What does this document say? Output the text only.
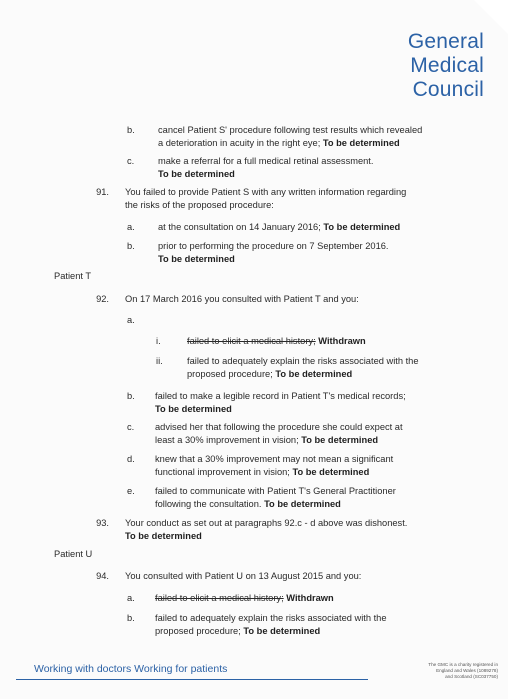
General
Medical
Council
b. cancel Patient S' procedure following test results which revealed
a deterioration in acuity in the right eye; To be determined
c.	make a referral for a full medical retinal assessment.
To be determined
91. You failed to provide Patient S with any written information regarding
the risks of the proposed procedure:
a. at the consultation on 14 January 2016; To be determined
b. prior to performing the procedure on 7 September 2016.
To be determined
Patient T
92. On 17 March 2016 you consulted with Patient T and you:
a.
i.	failed to elicit a medical history; Withdrawn
ii.	failed to adequately explain the risks associated with the
proposed procedure; To be determined
b. failed to make a legible record in Patient T's medical records;
To be determined
c. advised her that following the procedure she could expect at
least a 30% improvement in vision; To be determined
d. knew that a 30% improvement may not mean a significant
functional improvement in vision; To be determined
e. failed to communicate with Patient T's General Practitioner
following the consultation. To be determined
93. Your conduct as set out at paragraphs 92.c - d above was dishonest.
To be determined
Patient U
94. You consulted with Patient U on 13 August 2015 and you:
a. failed to elicit a medical history; Withdrawn
b. failed to adequately explain the risks associated with the
proposed procedure; To be determined
Working with doctors Working for patients	The GMC is a charity registered in
England and Wales (1089278)
and Scotland (SC037750)
